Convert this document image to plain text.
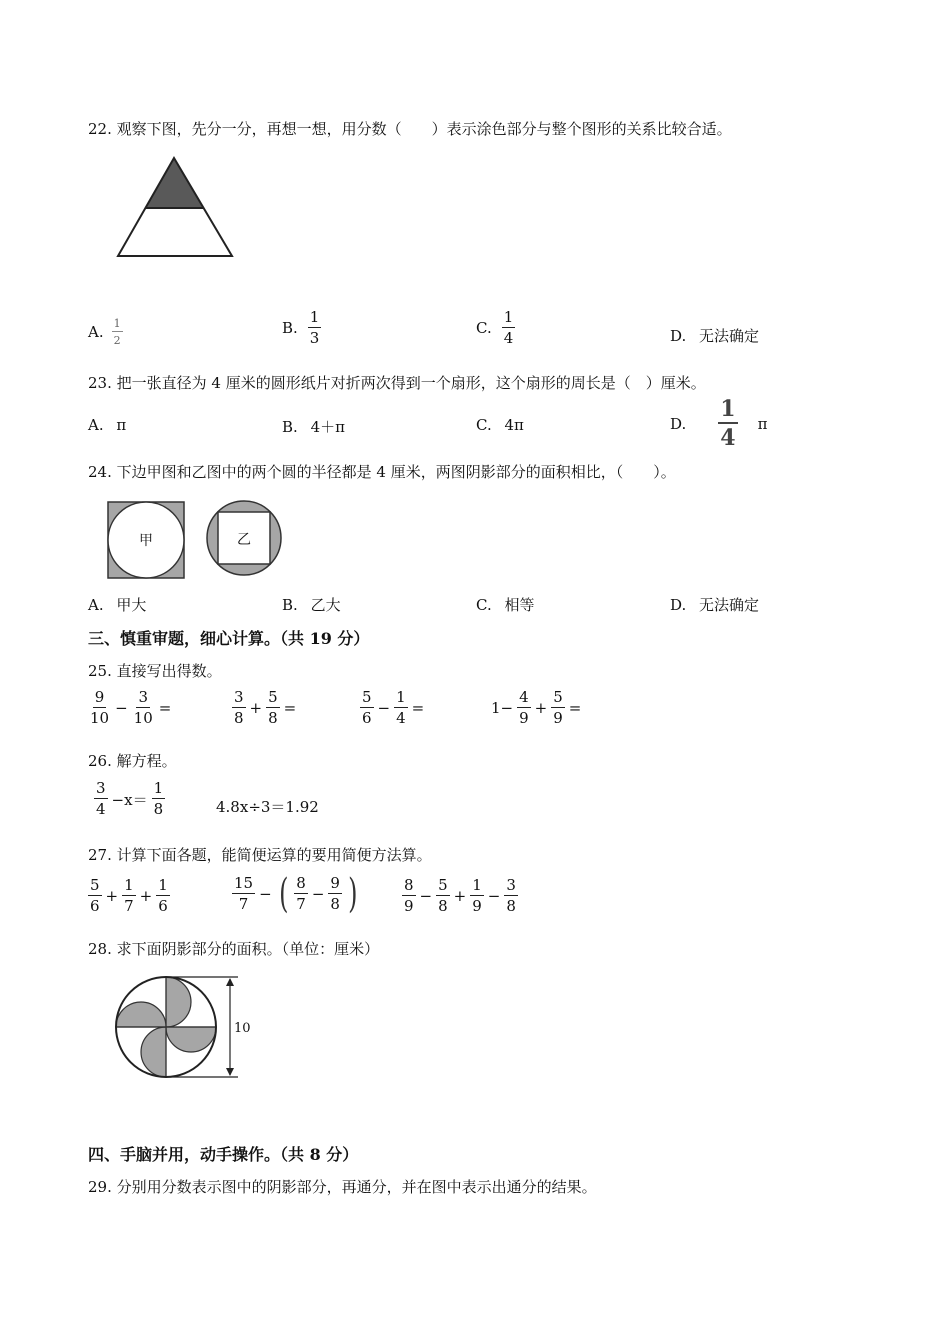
22. 观察下图，先分一分，再想一想，用分数（　　）表示涂色部分与整个图形的关系比较合适。
A. $\frac{1}{2}$	B. $\frac{1}{3}$	C. $\frac{1}{4}$	D. 无法确定
23. 把一张直径为 4 厘米的圆形纸片对折两次得到一个扇形，这个扇形的周长是（　）厘米。
A. π	B. 4＋π	C. 4π	D. $\frac{1}{4}$ π
24. 下边甲图和乙图中的两个圆的半径都是 4 厘米，两图阴影部分的面积相比，（　　）。
甲	乙
A. 甲大	B. 乙大	C. 相等	D. 无法确定
三、慎重审题，细心计算。（共 19 分）
25. 直接写出得数。
$\frac{9}{10} - \frac{3}{10}$ =	$\frac{3}{8} + \frac{5}{8}$ =	$\frac{5}{6} - \frac{1}{4}$ =	$1- \frac{4}{9} + \frac{5}{9}$ =
26. 解方程。
$\frac{3}{4} -x= \frac{1}{8}$	4.8x÷3＝1.92
27. 计算下面各题，能简便运算的要用简便方法算。
$\frac{5}{6} + \frac{1}{7} + \frac{1}{6}$	$\frac{15}{7}$ − ( $\frac{8}{7} - \frac{9}{8}$ )	$\frac{8}{9} - \frac{5}{8} + \frac{1}{9} - \frac{3}{8}$
28. 求下面阴影部分的面积。（单位：厘米）
10
四、手脑并用，动手操作。（共 8 分）
29. 分别用分数表示图中的阴影部分，再通分，并在图中表示出通分的结果。
